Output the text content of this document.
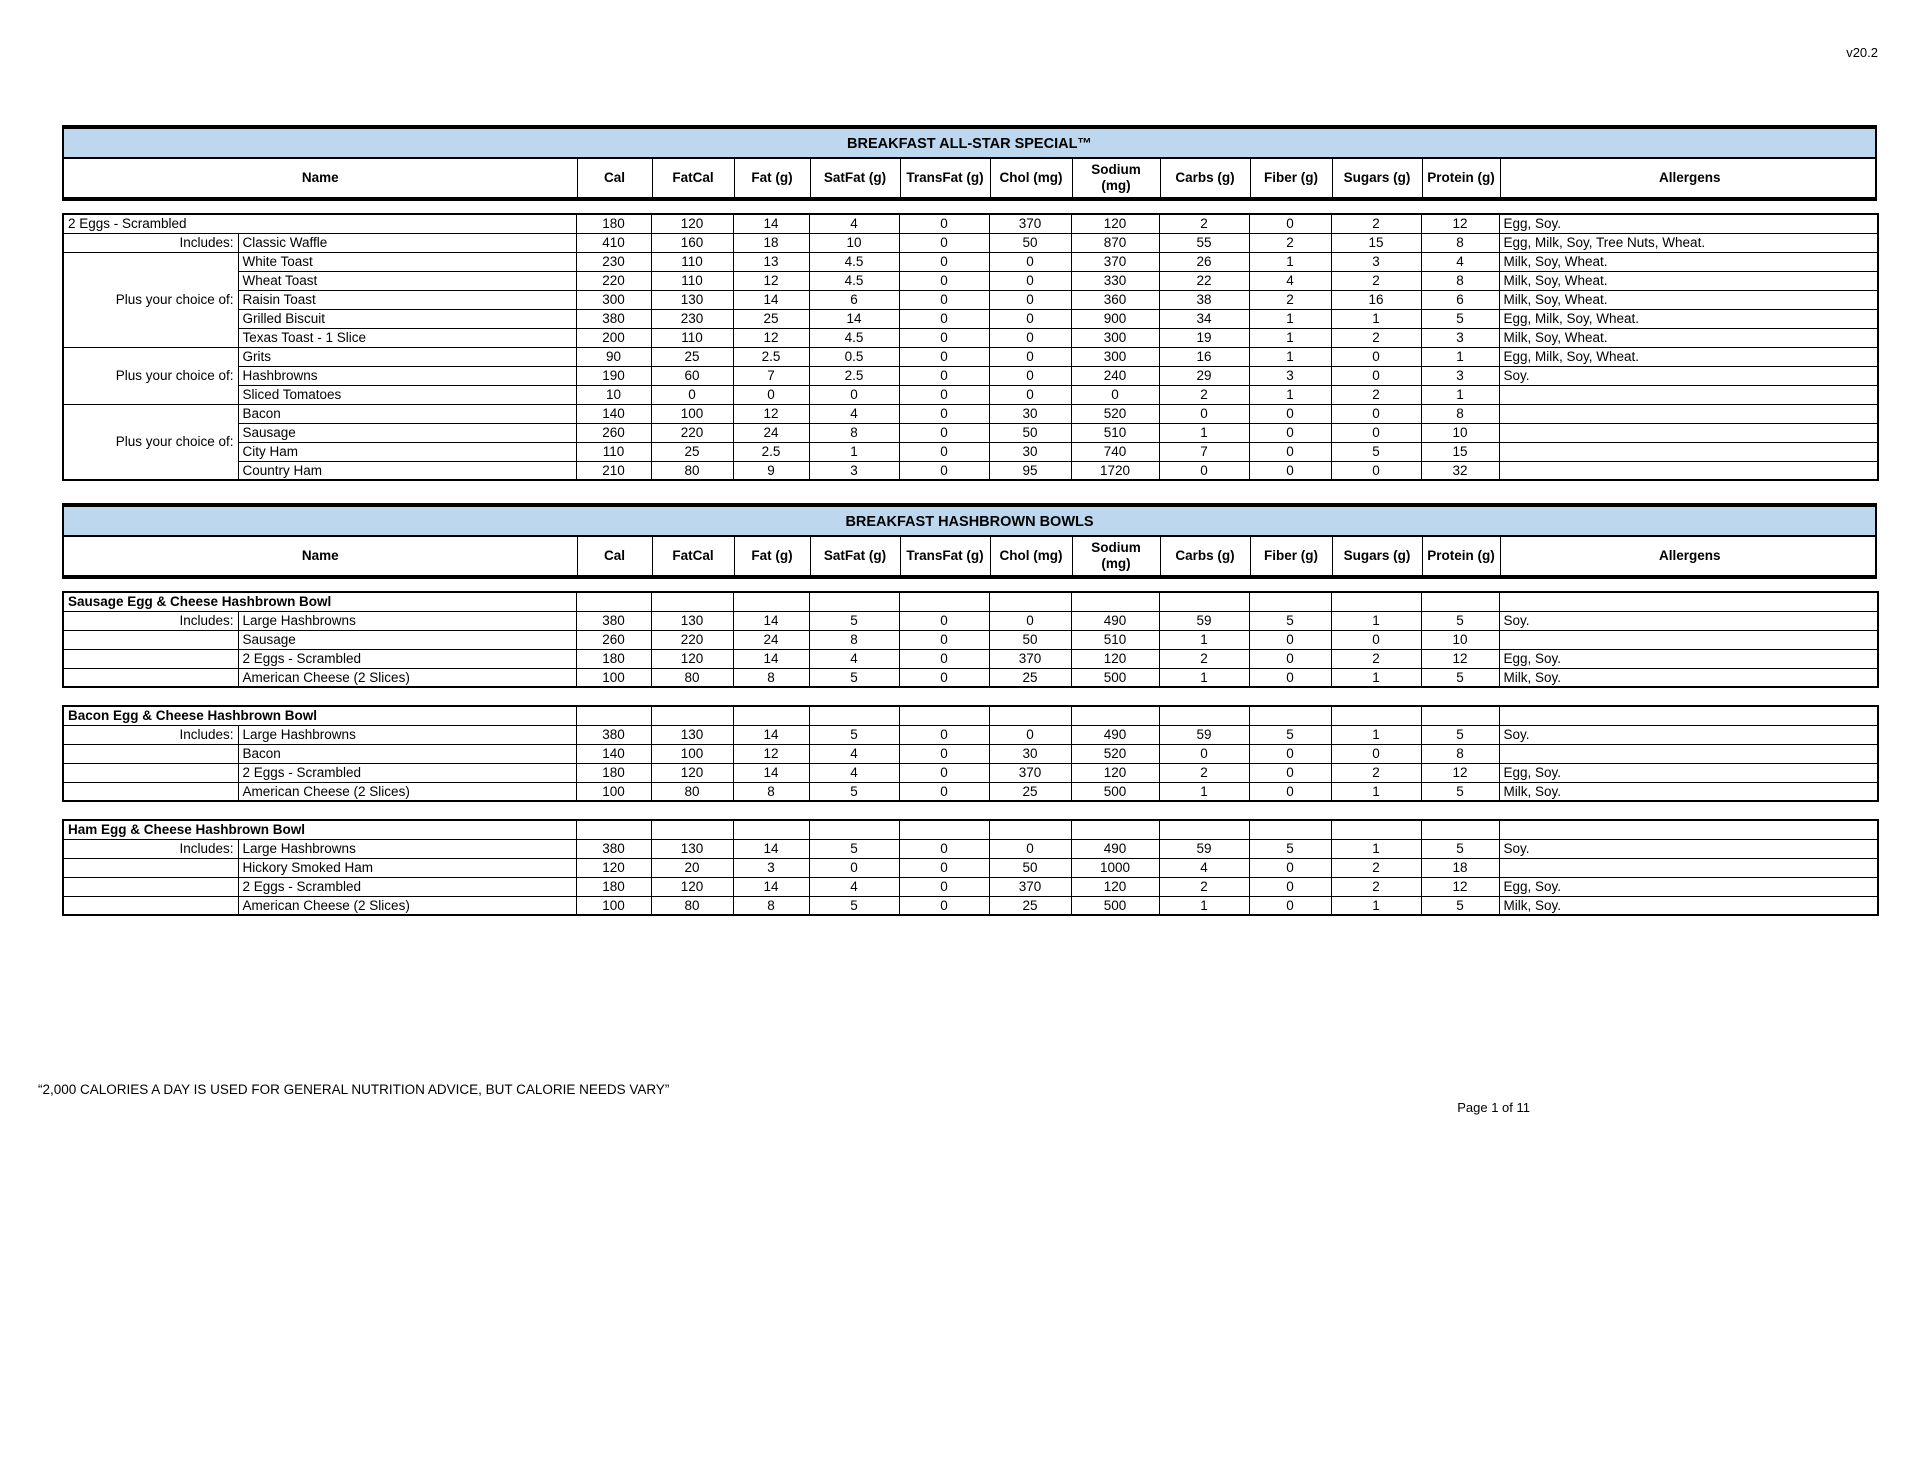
v20.2
BREAKFAST ALL-STAR SPECIAL™
Name	Cal	FatCal	Fat (g)	SatFat (g)	TransFat (g)	Chol (mg)	Sodium (mg)	Carbs (g)	Fiber (g)	Sugars (g)	Protein (g)	Allergens
2 Eggs - Scrambled		180	120	14	4	0	370	120	2	0	2	12	Egg, Soy.
Includes:	Classic Waffle	410	160	18	10	0	50	870	55	2	15	8	Egg, Milk, Soy, Tree Nuts, Wheat.
Plus your choice of:	White Toast	230	110	13	4.5	0	0	370	26	1	3	4	Milk, Soy, Wheat.
	Wheat Toast	220	110	12	4.5	0	0	330	22	4	2	8	Milk, Soy, Wheat.
	Raisin Toast	300	130	14	6	0	0	360	38	2	16	6	Milk, Soy, Wheat.
	Grilled Biscuit	380	230	25	14	0	0	900	34	1	1	5	Egg, Milk, Soy, Wheat.
	Texas Toast - 1 Slice	200	110	12	4.5	0	0	300	19	1	2	3	Milk, Soy, Wheat.
Plus your choice of:	Grits	90	25	2.5	0.5	0	0	300	16	1	0	1	Egg, Milk, Soy, Wheat.
	Hashbrowns	190	60	7	2.5	0	0	240	29	3	0	3	Soy.
	Sliced Tomatoes	10	0	0	0	0	0	0	2	1	2	1	
Plus your choice of:	Bacon	140	100	12	4	0	30	520	0	0	0	8	
	Sausage	260	220	24	8	0	50	510	1	0	0	10	
	City Ham	110	25	2.5	1	0	30	740	7	0	5	15	
	Country Ham	210	80	9	3	0	95	1720	0	0	0	32	
BREAKFAST HASHBROWN BOWLS
Name	Cal	FatCal	Fat (g)	SatFat (g)	TransFat (g)	Chol (mg)	Sodium (mg)	Carbs (g)	Fiber (g)	Sugars (g)	Protein (g)	Allergens
Sausage Egg & Cheese Hashbrown Bowl													
Includes:	Large Hashbrowns	380	130	14	5	0	0	490	59	5	1	5	Soy.
	Sausage	260	220	24	8	0	50	510	1	0	0	10	
	2 Eggs - Scrambled	180	120	14	4	0	370	120	2	0	2	12	Egg, Soy.
	American Cheese (2 Slices)	100	80	8	5	0	25	500	1	0	1	5	Milk, Soy.
Bacon Egg & Cheese Hashbrown Bowl													
Includes:	Large Hashbrowns	380	130	14	5	0	0	490	59	5	1	5	Soy.
	Bacon	140	100	12	4	0	30	520	0	0	0	8	
	2 Eggs - Scrambled	180	120	14	4	0	370	120	2	0	2	12	Egg, Soy.
	American Cheese (2 Slices)	100	80	8	5	0	25	500	1	0	1	5	Milk, Soy.
Ham Egg & Cheese Hashbrown Bowl													
Includes:	Large Hashbrowns	380	130	14	5	0	0	490	59	5	1	5	Soy.
	Hickory Smoked Ham	120	20	3	0	0	50	1000	4	0	2	18	
	2 Eggs - Scrambled	180	120	14	4	0	370	120	2	0	2	12	Egg, Soy.
	American Cheese (2 Slices)	100	80	8	5	0	25	500	1	0	1	5	Milk, Soy.
“2,000 CALORIES A DAY IS USED FOR GENERAL NUTRITION ADVICE, BUT CALORIE NEEDS VARY”
Page 1 of 11
